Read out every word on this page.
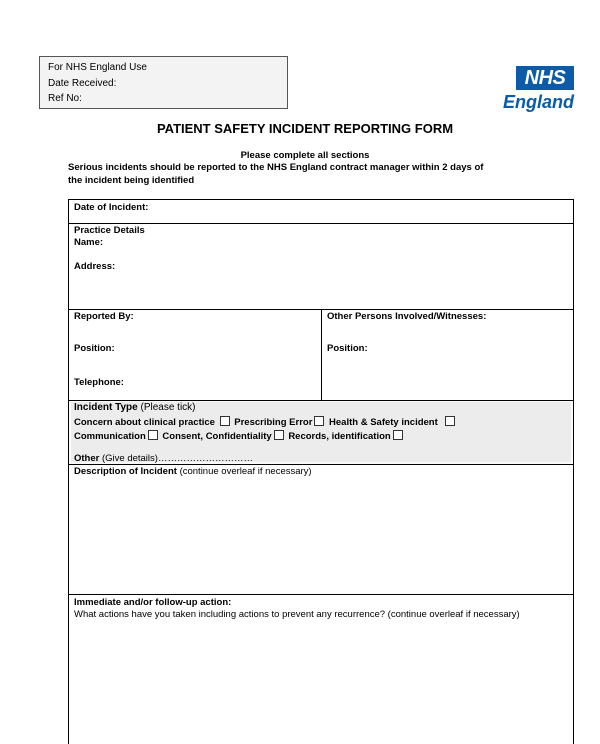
For NHS England Use
Date Received:
Ref No:
NHS
England
PATIENT SAFETY INCIDENT REPORTING FORM
Please complete all sections
Serious incidents should be reported to the NHS England contract manager within 2 days of
the incident being identified
Date of Incident:
Practice Details
Name:
Address:
Reported By:
Position:
Telephone:
Other Persons Involved/Witnesses:
Position:
Incident Type (Please tick)
Concern about clinical practice Prescribing Error Health & Safety incident
Communication Consent, Confidentiality Records, identification
Other (Give details)…………………………
Description of Incident (continue overleaf if necessary)
Immediate and/or follow-up action:
What actions have you taken including actions to prevent any recurrence? (continue overleaf if necessary)
